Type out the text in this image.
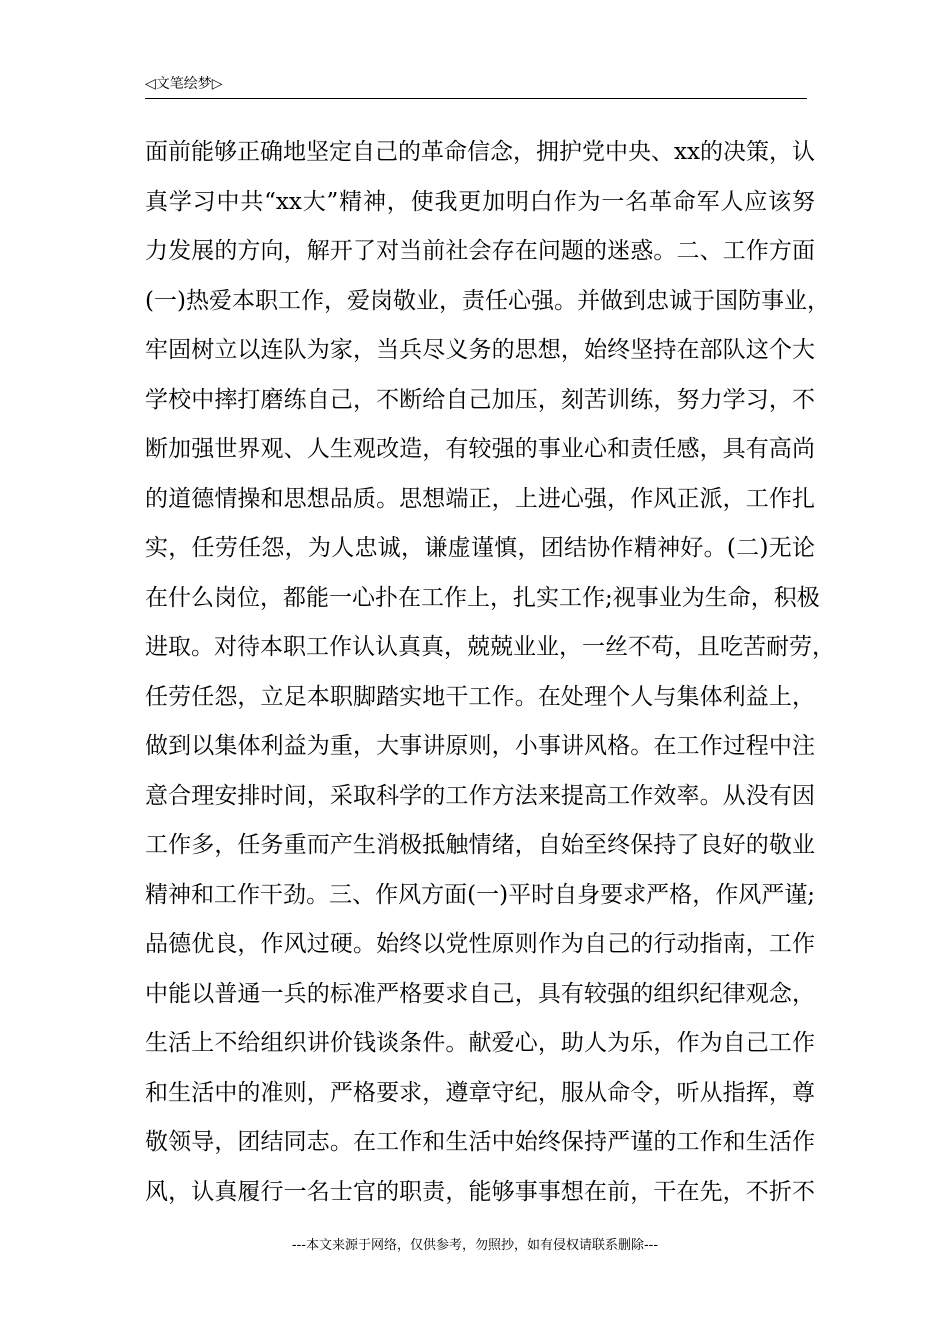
◁文笔绘梦▷
面前能够正确地坚定自己的革命信念，拥护党中央、xx的决策，认
真学习中共“xx大”精神，使我更加明白作为一名革命军人应该努
力发展的方向，解开了对当前社会存在问题的迷惑。二、工作方面
(一)热爱本职工作，爱岗敬业，责任心强。并做到忠诚于国防事业，
牢固树立以连队为家，当兵尽义务的思想，始终坚持在部队这个大
学校中摔打磨练自己，不断给自己加压，刻苦训练，努力学习，不
断加强世界观、人生观改造，有较强的事业心和责任感，具有高尚
的道德情操和思想品质。思想端正，上进心强，作风正派，工作扎
实，任劳任怨，为人忠诚，谦虚谨慎，团结协作精神好。(二)无论
在什么岗位，都能一心扑在工作上，扎实工作;视事业为生命，积极
进取。对待本职工作认认真真，兢兢业业，一丝不苟，且吃苦耐劳，
任劳任怨，立足本职脚踏实地干工作。在处理个人与集体利益上，
做到以集体利益为重，大事讲原则，小事讲风格。在工作过程中注
意合理安排时间，采取科学的工作方法来提高工作效率。从没有因
工作多，任务重而产生消极抵触情绪，自始至终保持了良好的敬业
精神和工作干劲。三、作风方面(一)平时自身要求严格，作风严谨;
品德优良，作风过硬。始终以党性原则作为自己的行动指南，工作
中能以普通一兵的标准严格要求自己，具有较强的组织纪律观念，
生活上不给组织讲价钱谈条件。献爱心，助人为乐，作为自己工作
和生活中的准则，严格要求，遵章守纪，服从命令，听从指挥，尊
敬领导，团结同志。在工作和生活中始终保持严谨的工作和生活作
风，认真履行一名士官的职责，能够事事想在前，干在先，不折不
---本文来源于网络，仅供参考，勿照抄，如有侵权请联系删除---
